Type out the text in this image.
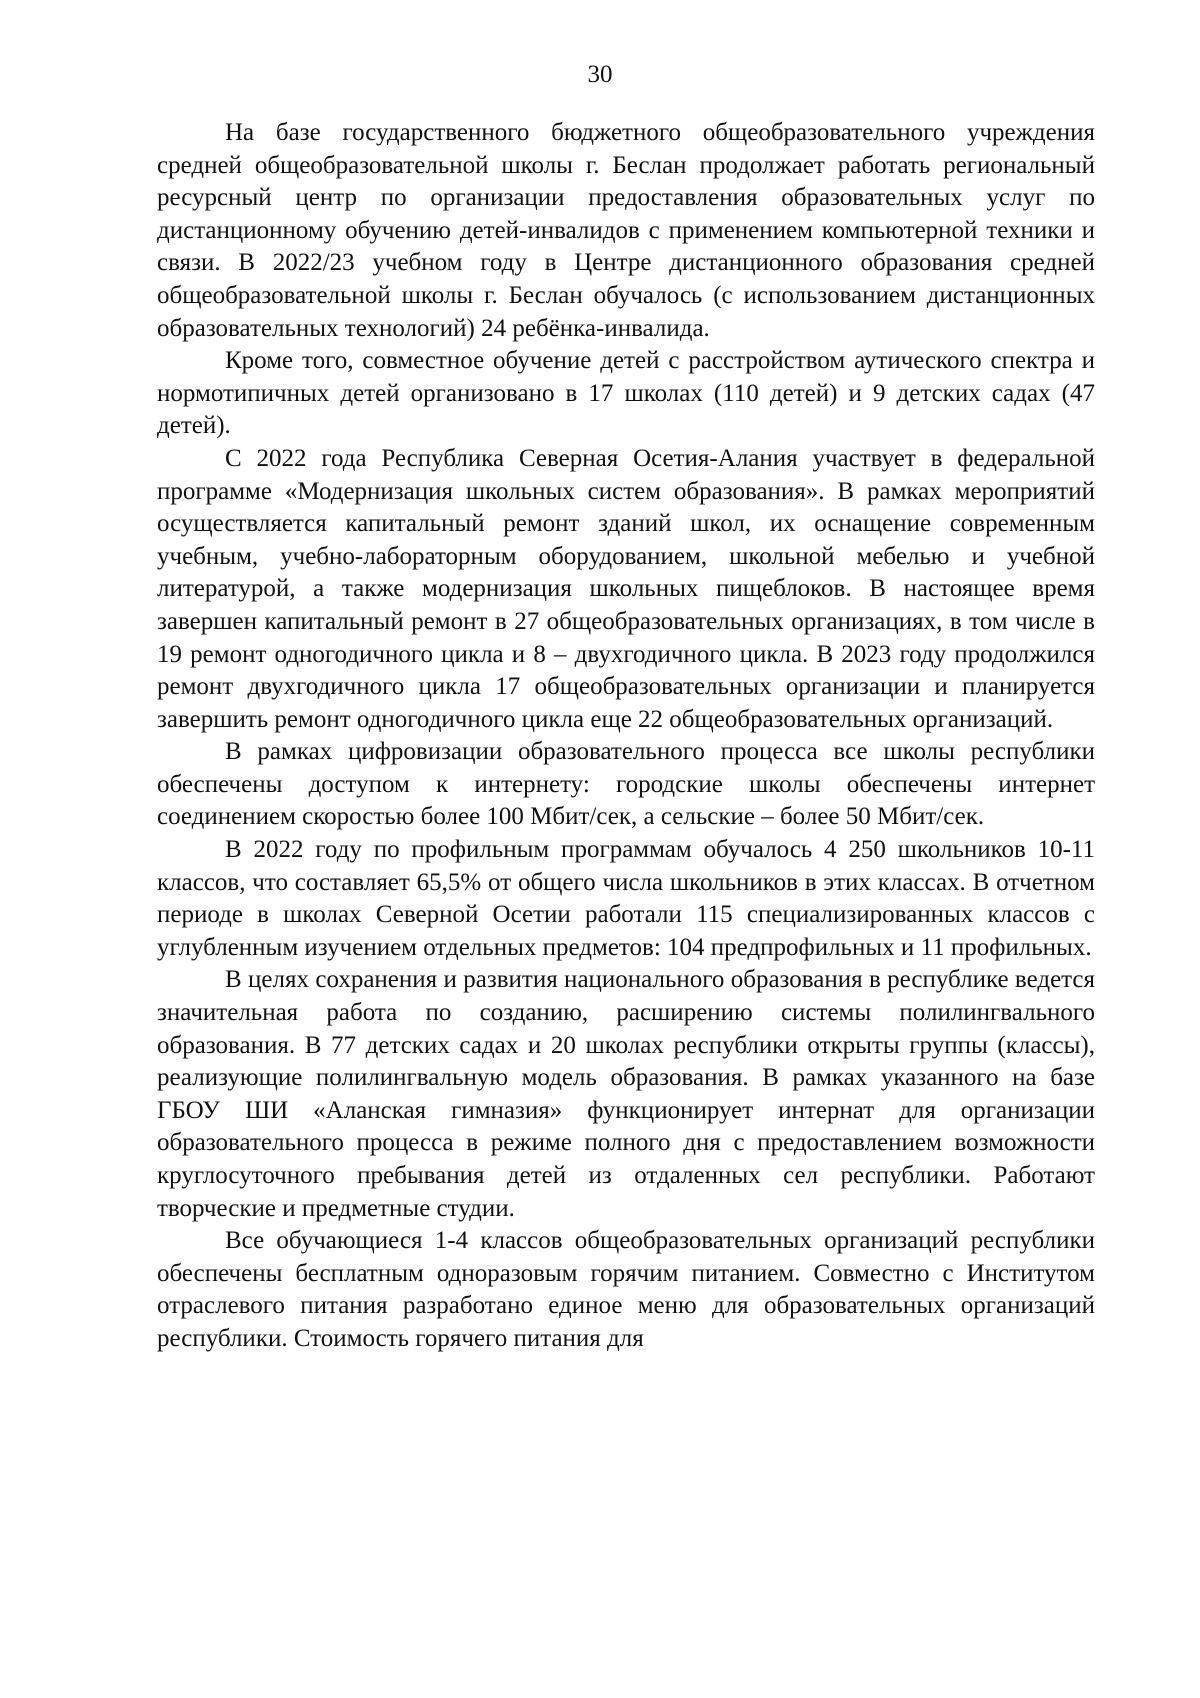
30

На базе государственного бюджетного общеобразовательного учреждения средней общеобразовательной школы г. Беслан продолжает работать региональный ресурсный центр по организации предоставления образовательных услуг по дистанционному обучению детей-инвалидов с применением компьютерной техники и связи. В 2022/23 учебном году в Центре дистанционного образования средней общеобразовательной школы г. Беслан обучалось (с использованием дистанционных образовательных технологий) 24 ребёнка-инвалида.

Кроме того, совместное обучение детей с расстройством аутического спектра и нормотипичных детей организовано в 17 школах (110 детей) и 9 детских садах (47 детей).

С 2022 года Республика Северная Осетия-Алания участвует в федеральной программе «Модернизация школьных систем образования». В рамках мероприятий осуществляется капитальный ремонт зданий школ, их оснащение современным учебным, учебно-лабораторным оборудованием, школьной мебелью и учебной литературой, а также модернизация школьных пищеблоков. В настоящее время завершен капитальный ремонт в 27 общеобразовательных организациях, в том числе в 19 ремонт одногодичного цикла и 8 – двухгодичного цикла. В 2023 году продолжился ремонт двухгодичного цикла 17 общеобразовательных организации и планируется завершить ремонт одногодичного цикла еще 22 общеобразовательных организаций.

В рамках цифровизации образовательного процесса все школы республики обеспечены доступом к интернету: городские школы обеспечены интернет соединением скоростью более 100 Мбит/сек, а сельские – более 50 Мбит/сек.

В 2022 году по профильным программам обучалось 4 250 школьников 10-11 классов, что составляет 65,5% от общего числа школьников в этих классах. В отчетном периоде в школах Северной Осетии работали 115 специализированных классов с углубленным изучением отдельных предметов: 104 предпрофильных и 11 профильных.

В целях сохранения и развития национального образования в республике ведется значительная работа по созданию, расширению системы полилингвального образования. В 77 детских садах и 20 школах республики открыты группы (классы), реализующие полилингвальную модель образования. В рамках указанного на базе ГБОУ ШИ «Аланская гимназия» функционирует интернат для организации образовательного процесса в режиме полного дня с предоставлением возможности круглосуточного пребывания детей из отдаленных сел республики. Работают творческие и предметные студии.

Все обучающиеся 1-4 классов общеобразовательных организаций республики обеспечены бесплатным одноразовым горячим питанием. Совместно с Институтом отраслевого питания разработано единое меню для образовательных организаций республики. Стоимость горячего питания для
